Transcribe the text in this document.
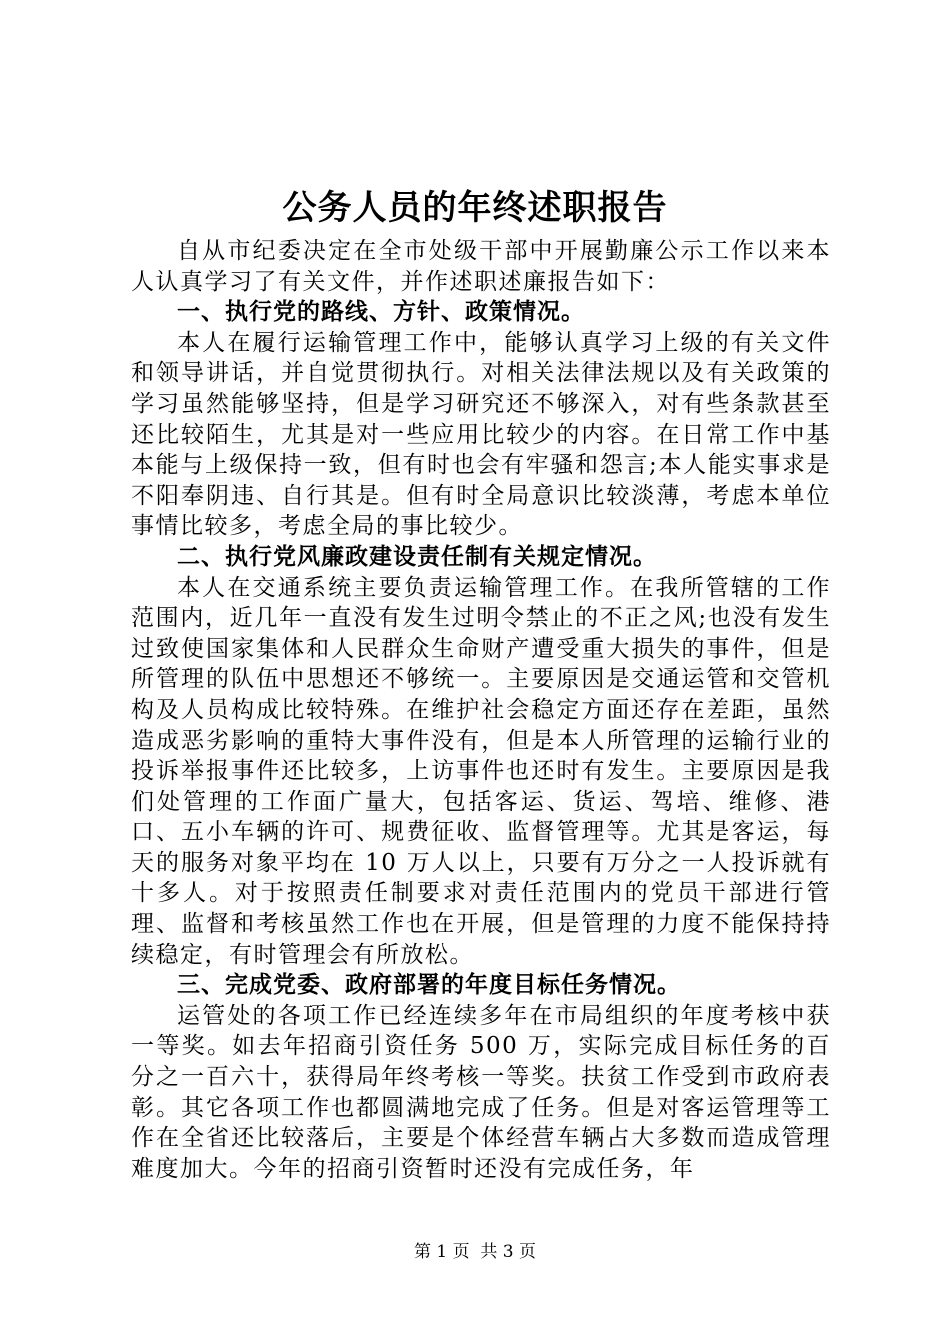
公务人员的年终述职报告

自从市纪委决定在全市处级干部中开展勤廉公示工作以来本人认真学习了有关文件，并作述职述廉报告如下：

一、执行党的路线、方针、政策情况。

本人在履行运输管理工作中，能够认真学习上级的有关文件和领导讲话，并自觉贯彻执行。对相关法律法规以及有关政策的学习虽然能够坚持，但是学习研究还不够深入，对有些条款甚至还比较陌生，尤其是对一些应用比较少的内容。在日常工作中基本能与上级保持一致，但有时也会有牢骚和怨言;本人能实事求是不阳奉阴违、自行其是。但有时全局意识比较淡薄，考虑本单位事情比较多，考虑全局的事比较少。

二、执行党风廉政建设责任制有关规定情况。

本人在交通系统主要负责运输管理工作。在我所管辖的工作范围内，近几年一直没有发生过明令禁止的不正之风;也没有发生过致使国家集体和人民群众生命财产遭受重大损失的事件，但是所管理的队伍中思想还不够统一。主要原因是交通运管和交管机构及人员构成比较特殊。在维护社会稳定方面还存在差距，虽然造成恶劣影响的重特大事件没有，但是本人所管理的运输行业的投诉举报事件还比较多，上访事件也还时有发生。主要原因是我们处管理的工作面广量大，包括客运、货运、驾培、维修、港口、五小车辆的许可、规费征收、监督管理等。尤其是客运，每天的服务对象平均在 10 万人以上，只要有万分之一人投诉就有十多人。对于按照责任制要求对责任范围内的党员干部进行管理、监督和考核虽然工作也在开展，但是管理的力度不能保持持续稳定，有时管理会有所放松。

三、完成党委、政府部署的年度目标任务情况。

运管处的各项工作已经连续多年在市局组织的年度考核中获一等奖。如去年招商引资任务 500 万，实际完成目标任务的百分之一百六十，获得局年终考核一等奖。扶贫工作受到市政府表彰。其它各项工作也都圆满地完成了任务。但是对客运管理等工作在全省还比较落后，主要是个体经营车辆占大多数而造成管理难度加大。今年的招商引资暂时还没有完成任务，年

第 1 页  共 3 页
